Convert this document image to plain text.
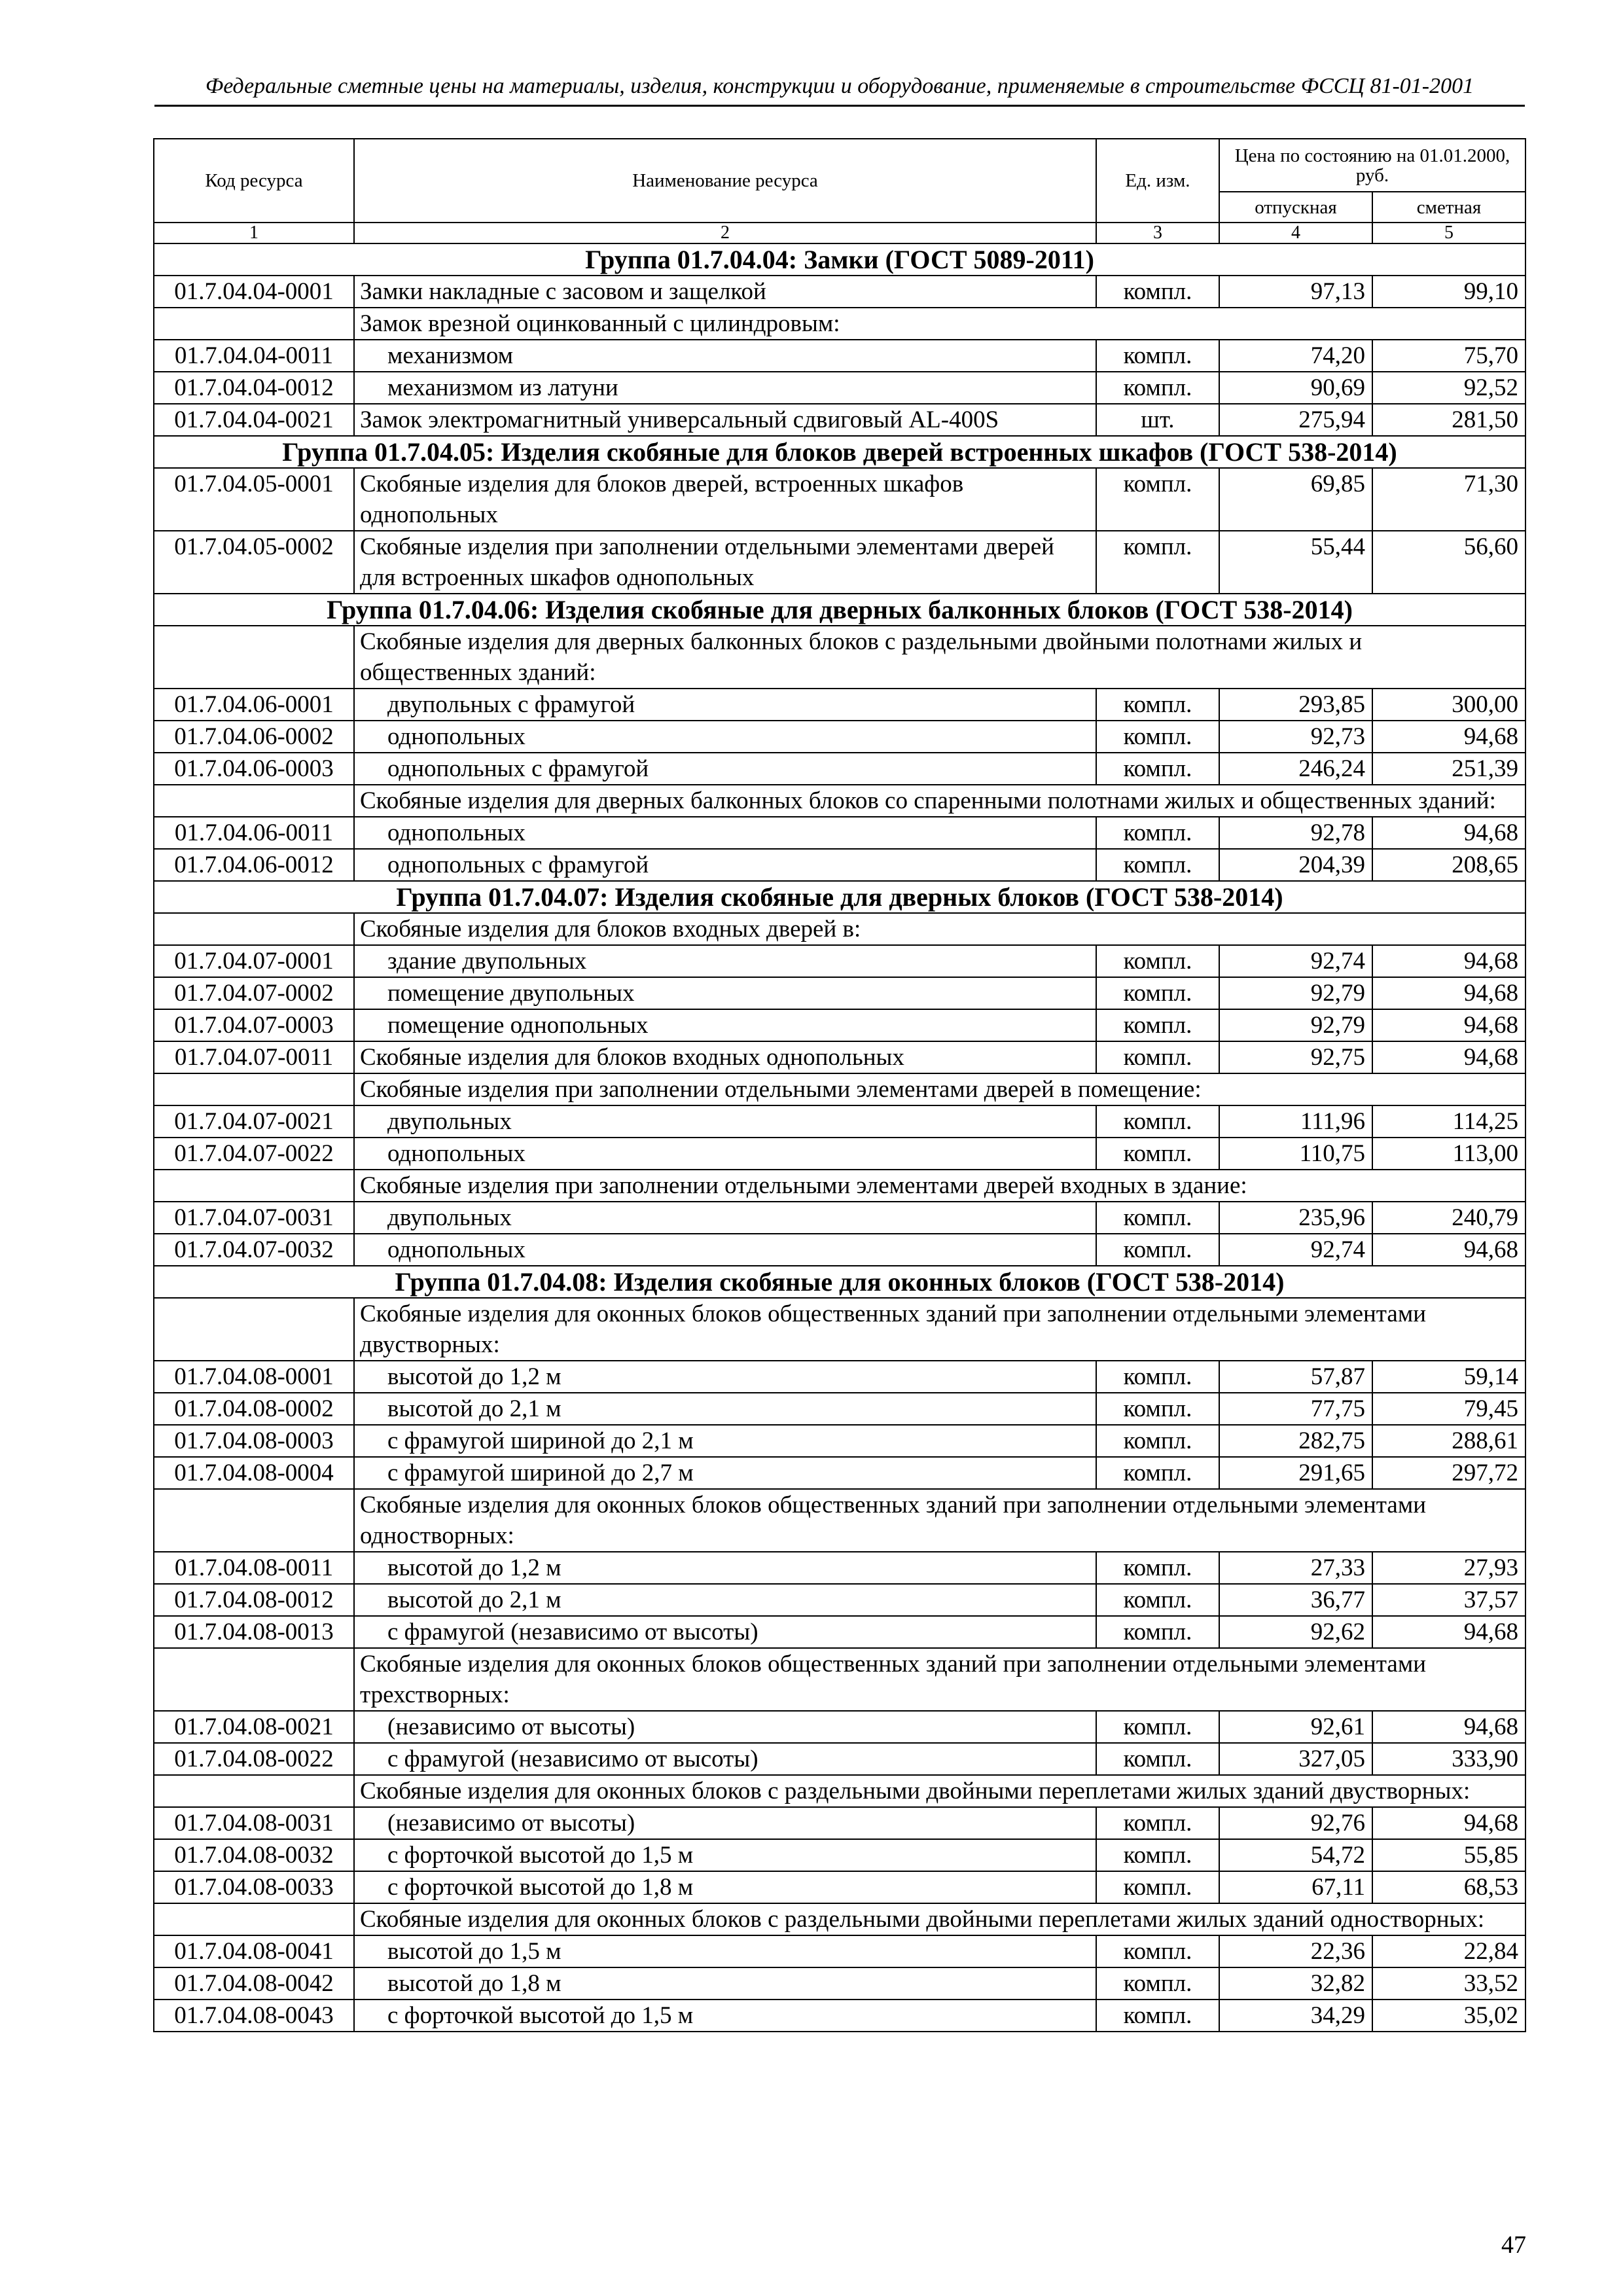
Федеральные сметные цены на материалы, изделия, конструкции и оборудование, применяемые в строительстве ФССЦ 81-01-2001
Код ресурса	Наименование ресурса	Ед. изм.	Цена по состоянию на 01.01.2000, руб.	
			отпускная	сметная
1	2	3	4	5
Группа 01.7.04.04: Замки (ГОСТ 5089-2011)				
01.7.04.04-0001	Замки накладные с засовом и защелкой	компл.	97,13	99,10
	Замок врезной оцинкованный с цилиндровым:			
01.7.04.04-0011	механизмом	компл.	74,20	75,70
01.7.04.04-0012	механизмом из латуни	компл.	90,69	92,52
01.7.04.04-0021	Замок электромагнитный универсальный сдвиговый AL-400S	шт.	275,94	281,50
Группа 01.7.04.05: Изделия скобяные для блоков дверей встроенных шкафов (ГОСТ 538-2014)				
01.7.04.05-0001	Скобяные изделия для блоков дверей, встроенных шкафов однопольных	компл.	69,85	71,30
01.7.04.05-0002	Скобяные изделия при заполнении отдельными элементами дверей для встроенных шкафов однопольных	компл.	55,44	56,60
Группа 01.7.04.06: Изделия скобяные для дверных балконных блоков (ГОСТ 538-2014)				
	Скобяные изделия для дверных балконных блоков с раздельными двойными полотнами жилых и общественных зданий:			
01.7.04.06-0001	двупольных с фрамугой	компл.	293,85	300,00
01.7.04.06-0002	однопольных	компл.	92,73	94,68
01.7.04.06-0003	однопольных с фрамугой	компл.	246,24	251,39
	Скобяные изделия для дверных балконных блоков со спаренными полотнами жилых и общественных зданий:			
01.7.04.06-0011	однопольных	компл.	92,78	94,68
01.7.04.06-0012	однопольных с фрамугой	компл.	204,39	208,65
Группа 01.7.04.07: Изделия скобяные для дверных блоков (ГОСТ 538-2014)				
	Скобяные изделия для блоков входных дверей в:			
01.7.04.07-0001	здание двупольных	компл.	92,74	94,68
01.7.04.07-0002	помещение двупольных	компл.	92,79	94,68
01.7.04.07-0003	помещение однопольных	компл.	92,79	94,68
01.7.04.07-0011	Скобяные изделия для блоков входных однопольных	компл.	92,75	94,68
	Скобяные изделия при заполнении отдельными элементами дверей в помещение:			
01.7.04.07-0021	двупольных	компл.	111,96	114,25
01.7.04.07-0022	однопольных	компл.	110,75	113,00
	Скобяные изделия при заполнении отдельными элементами дверей входных в здание:			
01.7.04.07-0031	двупольных	компл.	235,96	240,79
01.7.04.07-0032	однопольных	компл.	92,74	94,68
Группа 01.7.04.08: Изделия скобяные для оконных блоков (ГОСТ 538-2014)				
	Скобяные изделия для оконных блоков общественных зданий при заполнении отдельными элементами двустворных:			
01.7.04.08-0001	высотой до 1,2 м	компл.	57,87	59,14
01.7.04.08-0002	высотой до 2,1 м	компл.	77,75	79,45
01.7.04.08-0003	с фрамугой шириной до 2,1 м	компл.	282,75	288,61
01.7.04.08-0004	с фрамугой шириной до 2,7 м	компл.	291,65	297,72
	Скобяные изделия для оконных блоков общественных зданий при заполнении отдельными элементами одностворных:			
01.7.04.08-0011	высотой до 1,2 м	компл.	27,33	27,93
01.7.04.08-0012	высотой до 2,1 м	компл.	36,77	37,57
01.7.04.08-0013	с фрамугой (независимо от высоты)	компл.	92,62	94,68
	Скобяные изделия для оконных блоков общественных зданий при заполнении отдельными элементами трехстворных:			
01.7.04.08-0021	(независимо от высоты)	компл.	92,61	94,68
01.7.04.08-0022	с фрамугой (независимо от высоты)	компл.	327,05	333,90
	Скобяные изделия для оконных блоков с раздельными двойными переплетами жилых зданий двустворных:			
01.7.04.08-0031	(независимо от высоты)	компл.	92,76	94,68
01.7.04.08-0032	с форточкой высотой до 1,5 м	компл.	54,72	55,85
01.7.04.08-0033	с форточкой высотой до 1,8 м	компл.	67,11	68,53
	Скобяные изделия для оконных блоков с раздельными двойными переплетами жилых зданий одностворных:			
01.7.04.08-0041	высотой до 1,5 м	компл.	22,36	22,84
01.7.04.08-0042	высотой до 1,8 м	компл.	32,82	33,52
01.7.04.08-0043	с форточкой высотой до 1,5 м	компл.	34,29	35,02
47
